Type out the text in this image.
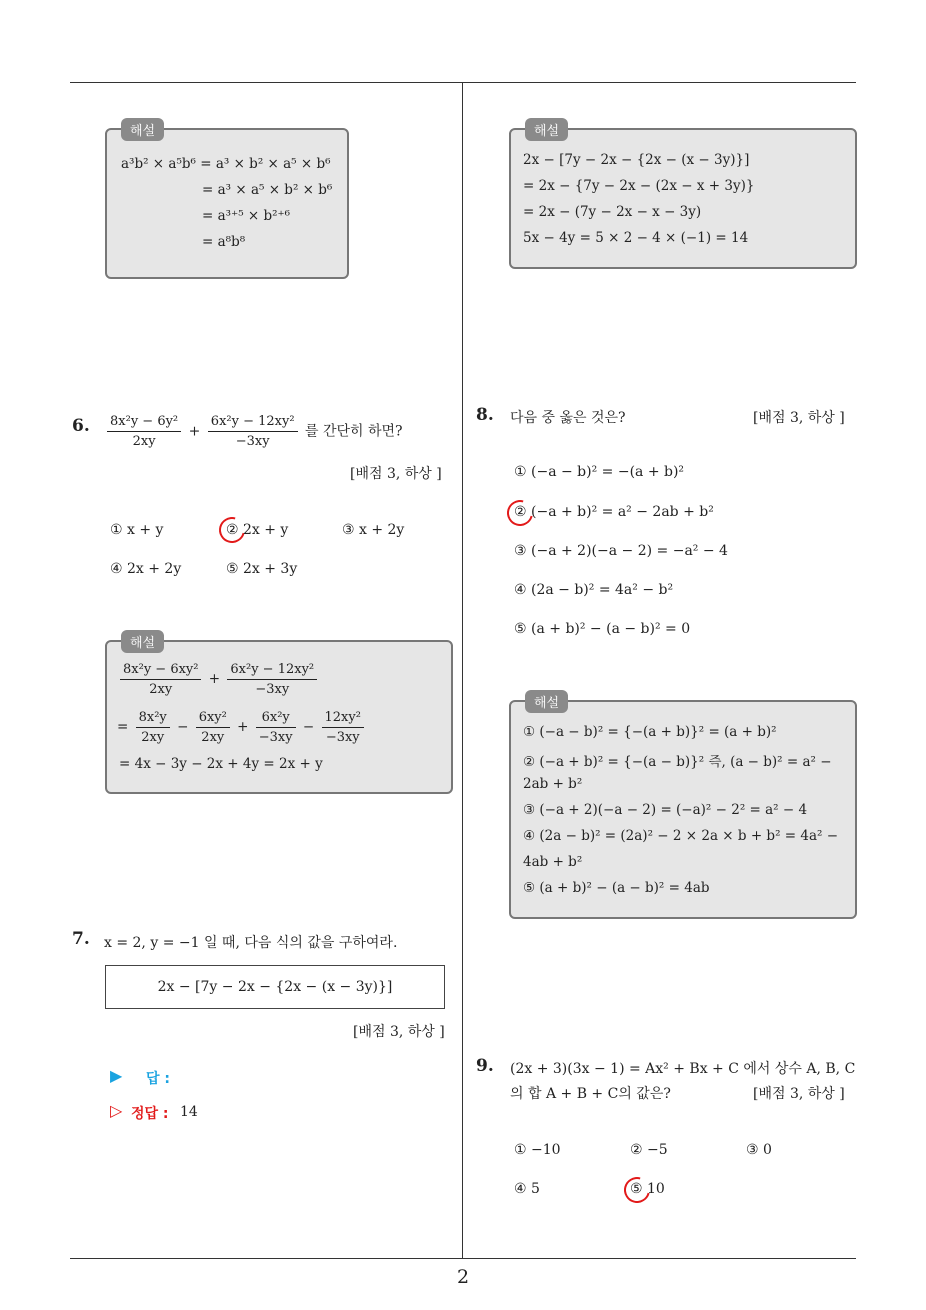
2
해설
a³b² × a⁵b⁶ = a³ × b² × a⁵ × b⁶
= a³ × a⁵ × b² × b⁶
= a³⁺⁵ × b²⁺⁶
= a⁸b⁸
6. $\frac{\text{8x²y − 6y²}}{2xy} + \frac{\text{6x²y − 12xy²}}{-3xy}$ 를 간단히 하면?
[배점 3, 하상 ]
① x + y	② 2x + y	③ x + 2y
④ 2x + 2y	⑤ 2x + 3y
해설
$\frac{\text{8x²y − 6xy²}}{2xy} + \frac{\text{6x²y − 12xy²}}{-3xy}$
= $\frac{\text{8x²y}}{2xy} - \frac{\text{6xy²}}{2xy} + \frac{\text{6x²y}}{-3xy} - \frac{\text{12xy²}}{-3xy}$
= 4x − 3y − 2x + 4y = 2x + y
7. x = 2, y = −1 일 때, 다음 식의 값을 구하여라.
2x − [7y − 2x − {2x − (x − 3y)}]
[배점 3, 하상 ]
▶ 답 :
▷ 정답 : 14
해설
2x − [7y − 2x − {2x − (x − 3y)}]
= 2x − {7y − 2x − (2x − x + 3y)}
= 2x − (7y − 2x − x − 3y)
5x − 4y = 5 × 2 − 4 × (−1) = 14
8. 다음 중 옳은 것은?	[배점 3, 하상 ]
① (−a − b)² = −(a + b)²
② (−a + b)² = a² − 2ab + b²
③ (−a + 2)(−a − 2) = −a² − 4
④ (2a − b)² = 4a² − b²
⑤ (a + b)² − (a − b)² = 0
해설
① (−a − b)² = {−(a + b)}² = (a + b)²
② (−a + b)² = {−(a − b)}² 즉, (a − b)² = a² −
2ab + b²
③ (−a + 2)(−a − 2) = (−a)² − 2² = a² − 4
④ (2a − b)² = (2a)² − 2 × 2a × b + b² = 4a² −
4ab + b²
⑤ (a + b)² − (a − b)² = 4ab
9. (2x + 3)(3x − 1) = Ax² + Bx + C 에서 상수 A, B, C
의 합 A + B + C의 값은?	[배점 3, 하상 ]
① −10	② −5	③ 0
④ 5	⑤ 10
